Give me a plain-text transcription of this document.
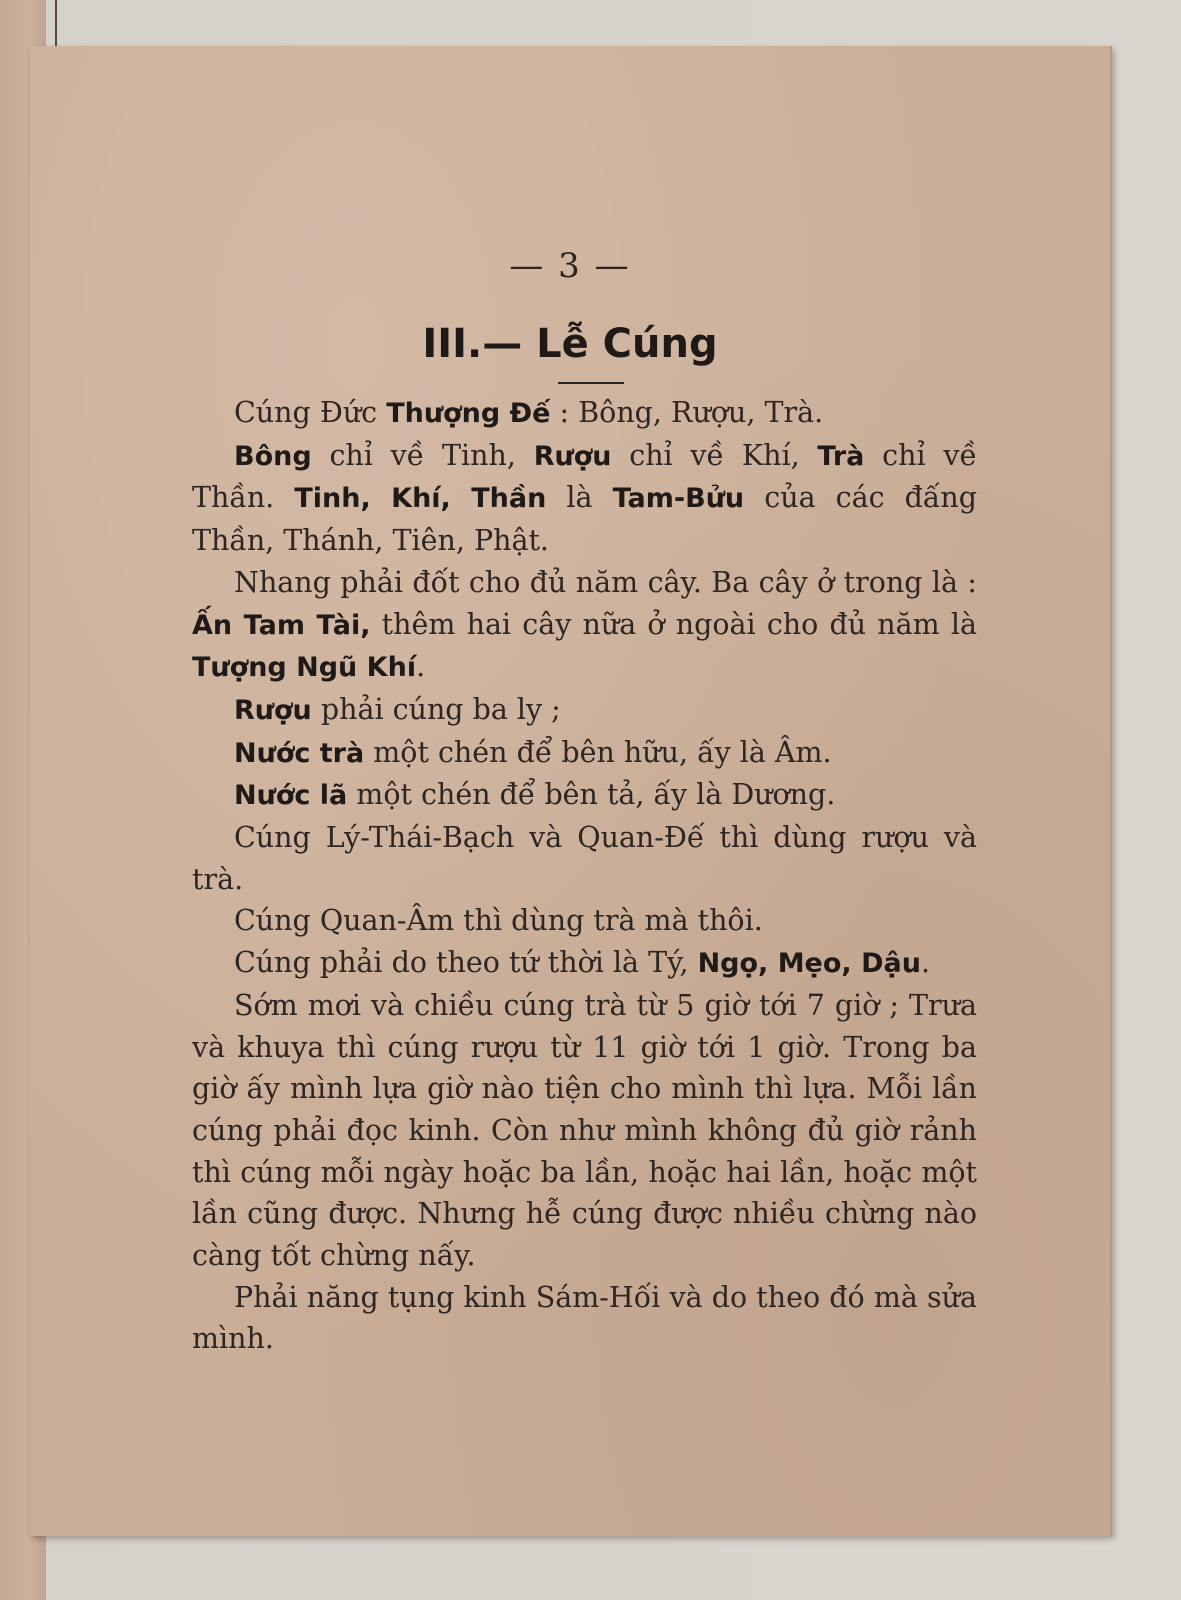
— 3 —
III.— Lễ Cúng

Cúng Đức Thượng Đế : Bông, Rượu, Trà.

Bông chỉ về Tinh, Rượu chỉ về Khí, Trà chỉ về Thần. Tinh, Khí, Thần là Tam-Bửu của các đấng Thần, Thánh, Tiên, Phật.

Nhang phải đốt cho đủ năm cây. Ba cây ở trong là : Ấn Tam Tài, thêm hai cây nữa ở ngoài cho đủ năm là Tượng Ngũ Khí.

Rượu phải cúng ba ly ;

Nước trà một chén để bên hữu, ấy là Âm.

Nước lã một chén để bên tả, ấy là Dương.

Cúng Lý-Thái-Bạch và Quan-Đế thì dùng rượu và trà.

Cúng Quan-Âm thì dùng trà mà thôi.

Cúng phải do theo tứ thời là Tý, Ngọ, Mẹo, Dậu.

Sớm mơi và chiều cúng trà từ 5 giờ tới 7 giờ ; Trưa và khuya thì cúng rượu từ 11 giờ tới 1 giờ. Trong ba giờ ấy mình lựa giờ nào tiện cho mình thì lựa. Mỗi lần cúng phải đọc kinh. Còn như mình không đủ giờ rảnh thì cúng mỗi ngày hoặc ba lần, hoặc hai lần, hoặc một lần cũng được. Nhưng hễ cúng được nhiều chừng nào càng tốt chừng nấy.

Phải năng tụng kinh Sám-Hối và do theo đó mà sửa mình.
